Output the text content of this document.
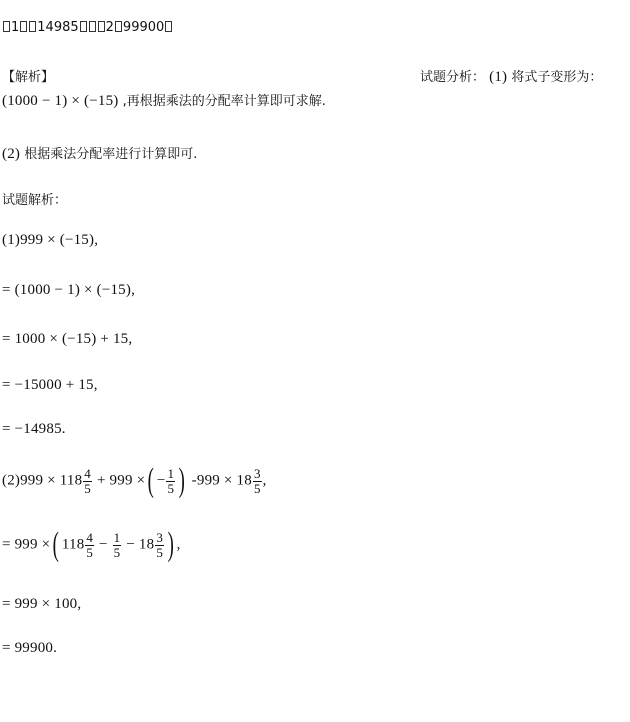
1 14985 2 99900
【解析】	试题分析： (1) 将式子变形为：
(1000 − 1) × (−15) ,再根据乘法的分配率计算即可求解.
(2) 根据乘法分配率进行计算即可.
试题解析：
(1)999 × (−15),
= (1000 − 1) × (−15),
= 1000 × (−15) + 15,
= −15000 + 15,
= −14985.
$(2)999 \times 118 \frac{4}{5} + 999$ ×( − $\frac{1}{5}$ ) $-999 \times 18 \frac{3}{5}$ ,
= 999 ×( $118 \frac{4}{5} - \frac{1}{5} - 18 \frac{3}{5}$ ) ,
= 999 × 100,
= 99900.
